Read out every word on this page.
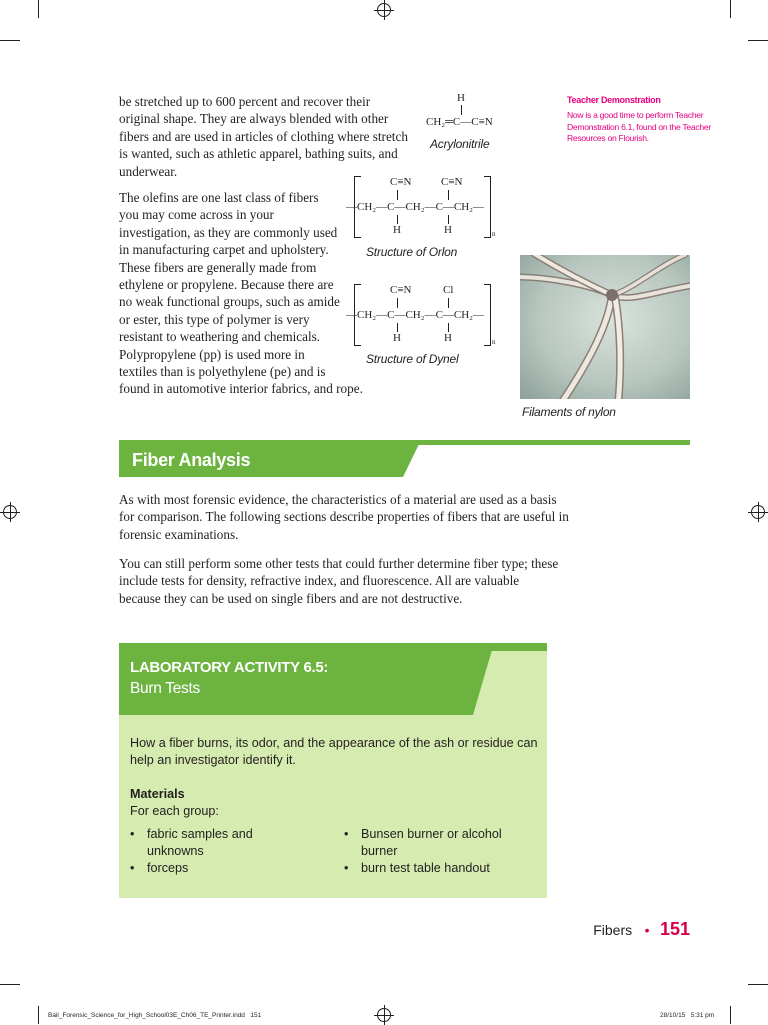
be stretched up to 600 percent and recover their original shape. They are always blended with other fibers and are used in articles of clothing where stretch is wanted, such as athletic apparel, bathing suits, and underwear.

The olefins are one last class of fibers you may come across in your investigation, as they are commonly used in manufacturing carpet and upholstery. These fibers are generally made from ethylene or propylene. Because there are no weak functional groups, such as amide or ester, this type of polymer is very resistant to weathering and chemicals. Polypropylene (pp) is used more in textiles than is polyethylene (pe) and is found in automotive interior fabrics, and rope.
H
CH₂═C—C≡N
Acrylonitrile
C≡N	C≡N
—CH₂—C—CH₂—C—CH₂—
H	H	n
Structure of Orlon
C≡N	Cl
—CH₂—C—CH₂—C—CH₂—
H	H	n
Structure of Dynel
Teacher Demonstration
Now is a good time to perform Teacher Demonstration 6.1, found on the Teacher Resources on Flourish.
Filaments of nylon
Fiber Analysis

As with most forensic evidence, the characteristics of a material are used as a basis for comparison. The following sections describe properties of fibers that are useful in forensic examinations.

You can still perform some other tests that could further determine fiber type; these include tests for density, refractive index, and fluorescence. All are valuable because they can be used on single fibers and are not destructive.

LABORATORY ACTIVITY 6.5:
Burn Tests
How a fiber burns, its odor, and the appearance of the ash or residue can help an investigator identify it.
Materials
For each group:
• fabric samples and unknowns
• forceps
• Bunsen burner or alcohol burner
• burn test table handout
Fibers • 151
Bail_Forensic_Science_for_High_School03E_Ch06_TE_Printer.indd   151	28/10/15   5:31 pm
